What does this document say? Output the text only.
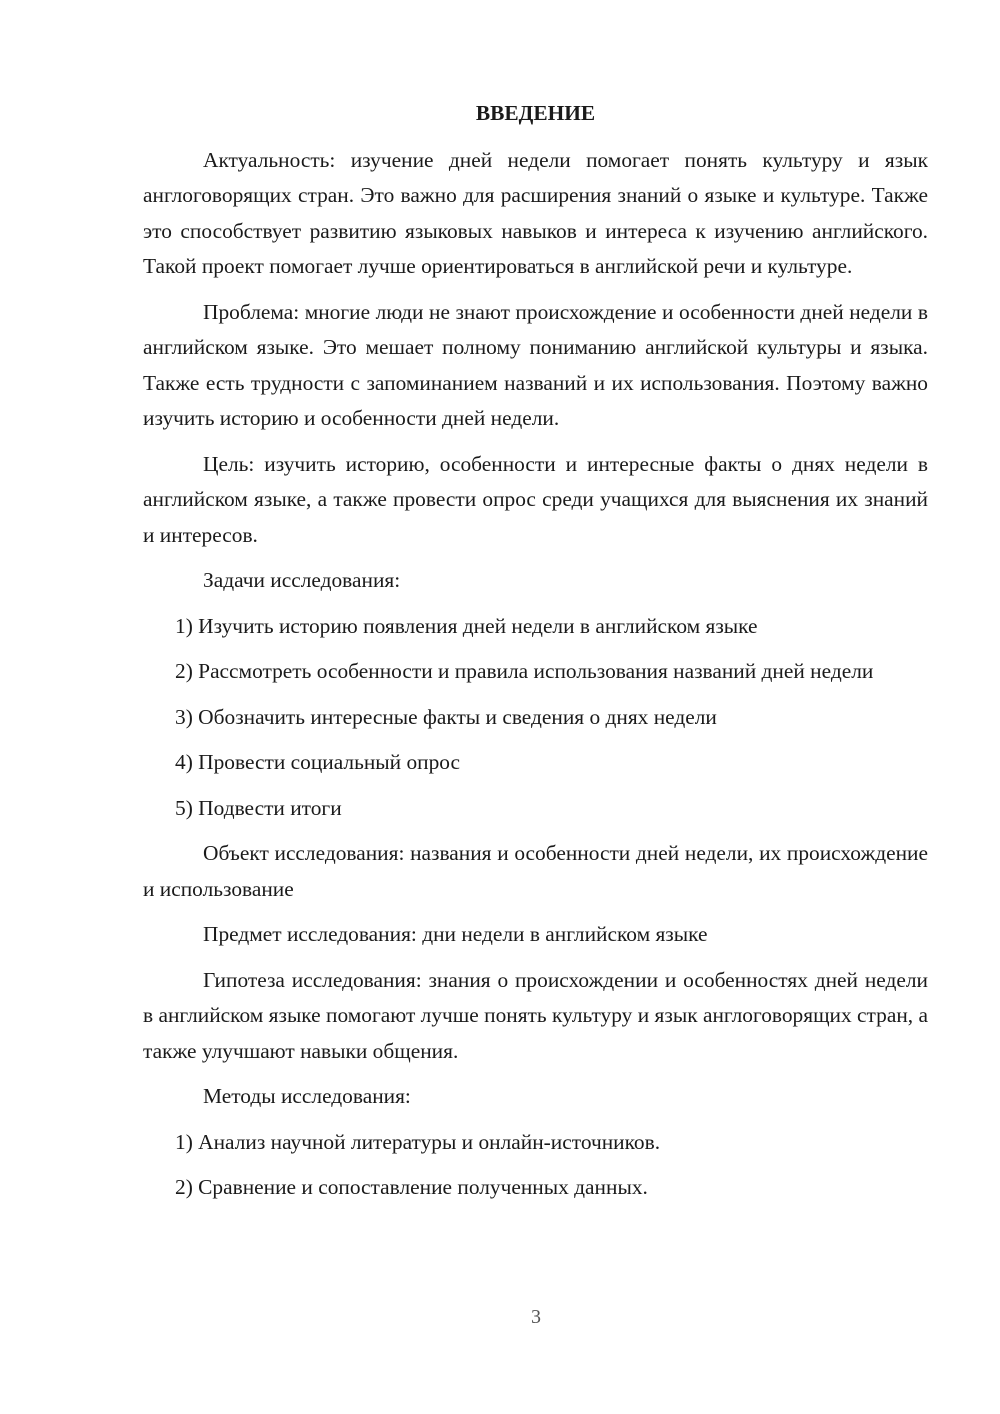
ВВЕДЕНИЕ

Актуальность: изучение дней недели помогает понять культуру и язык англоговорящих стран. Это важно для расширения знаний о языке и культуре. Также это способствует развитию языковых навыков и интереса к изучению английского. Такой проект помогает лучше ориентироваться в английской речи и культуре.

Проблема: многие люди не знают происхождение и особенности дней недели в английском языке. Это мешает полному пониманию английской культуры и языка. Также есть трудности с запоминанием названий и их использования. Поэтому важно изучить историю и особенности дней недели.

Цель: изучить историю, особенности и интересные факты о днях недели в английском языке, а также провести опрос среди учащихся для выяснения их знаний и интересов.

Задачи исследования:

1) Изучить историю появления дней недели в английском языке

2) Рассмотреть особенности и правила использования названий дней недели

3) Обозначить интересные факты и сведения о днях недели

4) Провести социальный опрос

5) Подвести итоги

Объект исследования: названия и особенности дней недели, их происхождение и использование

Предмет исследования: дни недели в английском языке

Гипотеза исследования: знания о происхождении и особенностях дней недели в английском языке помогают лучше понять культуру и язык англоговорящих стран, а также улучшают навыки общения.

Методы исследования:

1) Анализ научной литературы и онлайн-источников.

2) Сравнение и сопоставление полученных данных.

3
